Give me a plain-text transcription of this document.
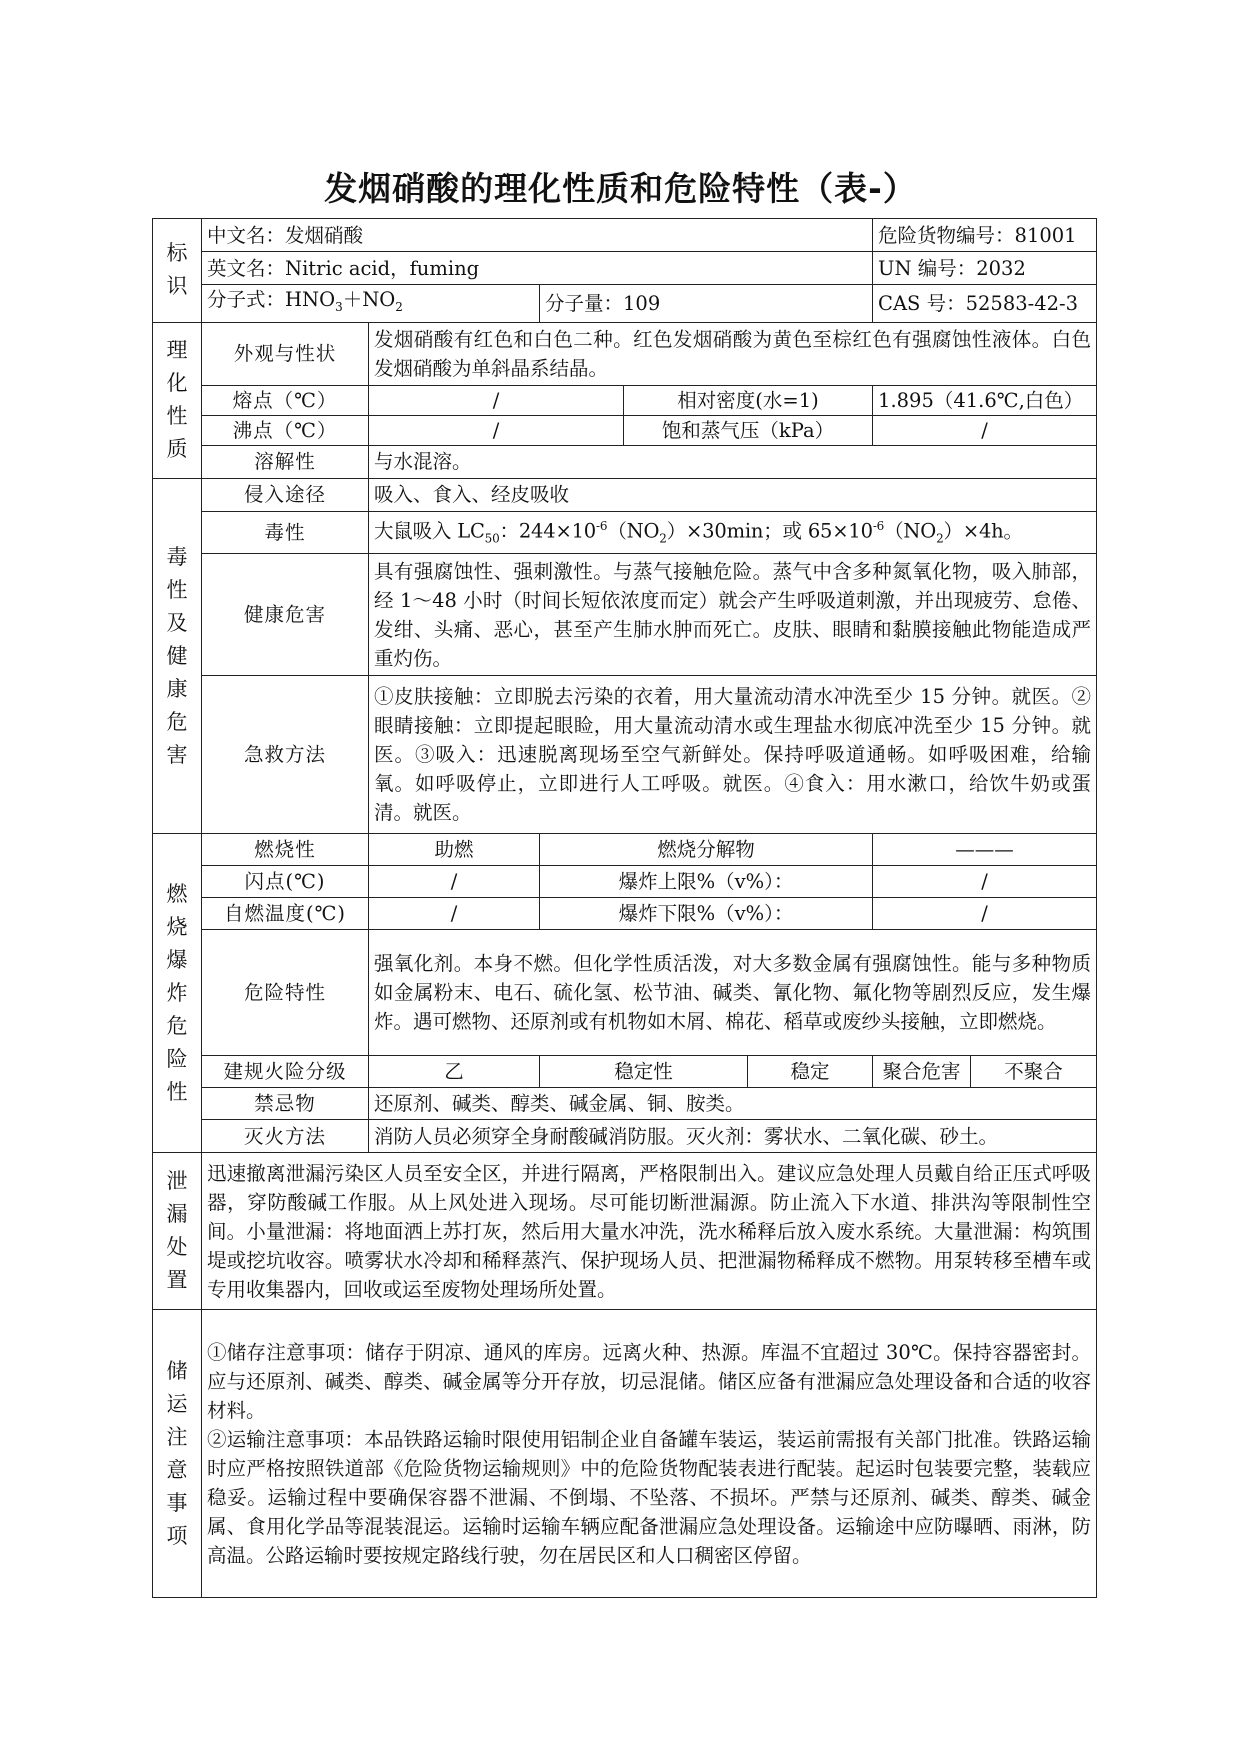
发烟硝酸的理化性质和危险特性（表-）
标识	中文名：发烟硝酸					危险货物编号：81001	
	英文名：Nitric acid，fuming					UN 编号：2032	
	分子式：$HNO_3+NO_2$		分子量：109			CAS 号：52583-42-3	
理化性质	外观与性状	发烟硝酸有红色和白色二种。红色发烟硝酸为黄色至棕红色有强腐蚀性液体。白色发烟硝酸为单斜晶系结晶。					
	熔点（℃）	/		相对密度(水=1)		1.895（41.6℃,白色）	
	沸点（℃）	/		饱和蒸气压（kPa）		/	
	溶解性	与水混溶。					
毒性及健康危害	侵入途径	吸入、食入、经皮吸收					
	毒性	大鼠吸入 $LC_{50}$：$244\times 10^{-6}(NO_2)\times 30\min$；或 $65\times 10^{-6}(NO_2)\times 4h$。					
	健康危害	具有强腐蚀性、强刺激性。与蒸气接触危险。蒸气中含多种氮氧化物，吸入肺部，经 1～48 小时（时间长短依浓度而定）就会产生呼吸道刺激，并出现疲劳、怠倦、发绀、头痛、恶心，甚至产生肺水肿而死亡。皮肤、眼睛和黏膜接触此物能造成严重灼伤。					
	急救方法	①皮肤接触：立即脱去污染的衣着，用大量流动清水冲洗至少 15 分钟。就医。②眼睛接触：立即提起眼睑，用大量流动清水或生理盐水彻底冲洗至少 15 分钟。就医。③吸入：迅速脱离现场至空气新鲜处。保持呼吸道通畅。如呼吸困难，给输氧。如呼吸停止，立即进行人工呼吸。就医。④食入：用水漱口，给饮牛奶或蛋清。就医。					
燃烧爆炸危险性	燃烧性	助燃	燃烧分解物			———	
	闪点(℃)	/	爆炸上限%（v%）：			/	
	自燃温度(℃)	/	爆炸下限%（v%）：			/	
	危险特性	强氧化剂。本身不燃。但化学性质活泼，对大多数金属有强腐蚀性。能与多种物质如金属粉末、电石、硫化氢、松节油、碱类、氰化物、氟化物等剧烈反应，发生爆炸。遇可燃物、还原剂或有机物如木屑、棉花、稻草或废纱头接触，立即燃烧。					
	建规火险分级	乙	稳定性		稳定	聚合危害	不聚合
	禁忌物	还原剂、碱类、醇类、碱金属、铜、胺类。					
	灭火方法	消防人员必须穿全身耐酸碱消防服。灭火剂：雾状水、二氧化碳、砂土。					
泄漏处置	迅速撤离泄漏污染区人员至安全区，并进行隔离，严格限制出入。建议应急处理人员戴自给正压式呼吸器，穿防酸碱工作服。从上风处进入现场。尽可能切断泄漏源。防止流入下水道、排洪沟等限制性空间。小量泄漏：将地面洒上苏打灰，然后用大量水冲洗，洗水稀释后放入废水系统。大量泄漏：构筑围堤或挖坑收容。喷雾状水冷却和稀释蒸汽、保护现场人员、把泄漏物稀释成不燃物。用泵转移至槽车或专用收集器内，回收或运至废物处理场所处置。						
储运注意事项	①储存注意事项：储存于阴凉、通风的库房。远离火种、热源。库温不宜超过 30℃。保持容器密封。应与还原剂、碱类、醇类、碱金属等分开存放，切忌混储。储区应备有泄漏应急处理设备和合适的收容材料。
②运输注意事项：本品铁路运输时限使用铝制企业自备罐车装运，装运前需报有关部门批准。铁路运输时应严格按照铁道部《危险货物运输规则》中的危险货物配装表进行配装。起运时包装要完整，装载应稳妥。运输过程中要确保容器不泄漏、不倒塌、不坠落、不损坏。严禁与还原剂、碱类、醇类、碱金属、食用化学品等混装混运。运输时运输车辆应配备泄漏应急处理设备。运输途中应防曝晒、雨淋，防高温。公路运输时要按规定路线行驶，勿在居民区和人口稠密区停留。						
